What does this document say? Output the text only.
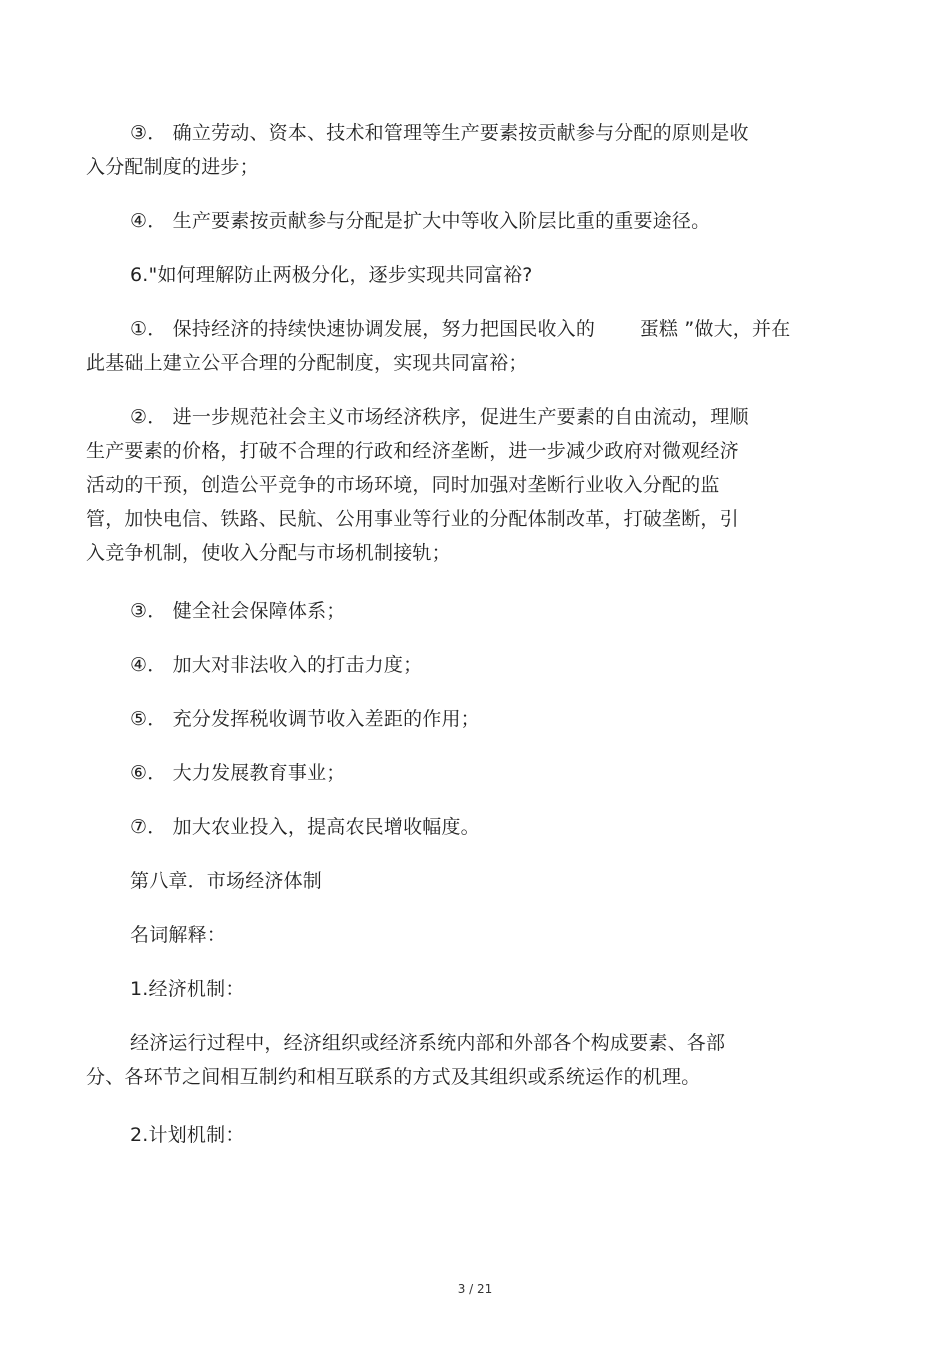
③． 确立劳动、资本、技术和管理等生产要素按贡献参与分配的原则是收
入分配制度的进步；
④． 生产要素按贡献参与分配是扩大中等收入阶层比重的重要途径。
6."如何理解防止两极分化，逐步实现共同富裕?
①． 保持经济的持续快速协调发展，努力把国民收入的　　 蛋糕 ”做大，并在
此基础上建立公平合理的分配制度，实现共同富裕；
②． 进一步规范社会主义市场经济秩序，促进生产要素的自由流动，理顺
生产要素的价格，打破不合理的行政和经济垄断，进一步减少政府对微观经济
活动的干预，创造公平竞争的市场环境，同时加强对垄断行业收入分配的监
管，加快电信、铁路、民航、公用事业等行业的分配体制改革，打破垄断，引
入竞争机制，使收入分配与市场机制接轨；
③． 健全社会保障体系；
④． 加大对非法收入的打击力度；
⑤． 充分发挥税收调节收入差距的作用；
⑥． 大力发展教育事业；
⑦． 加大农业投入，提高农民增收幅度。
第八章．市场经济体制
名词解释：
1.经济机制：
经济运行过程中，经济组织或经济系统内部和外部各个构成要素、各部
分、各环节之间相互制约和相互联系的方式及其组织或系统运作的机理。
2.计划机制：
3 / 21
